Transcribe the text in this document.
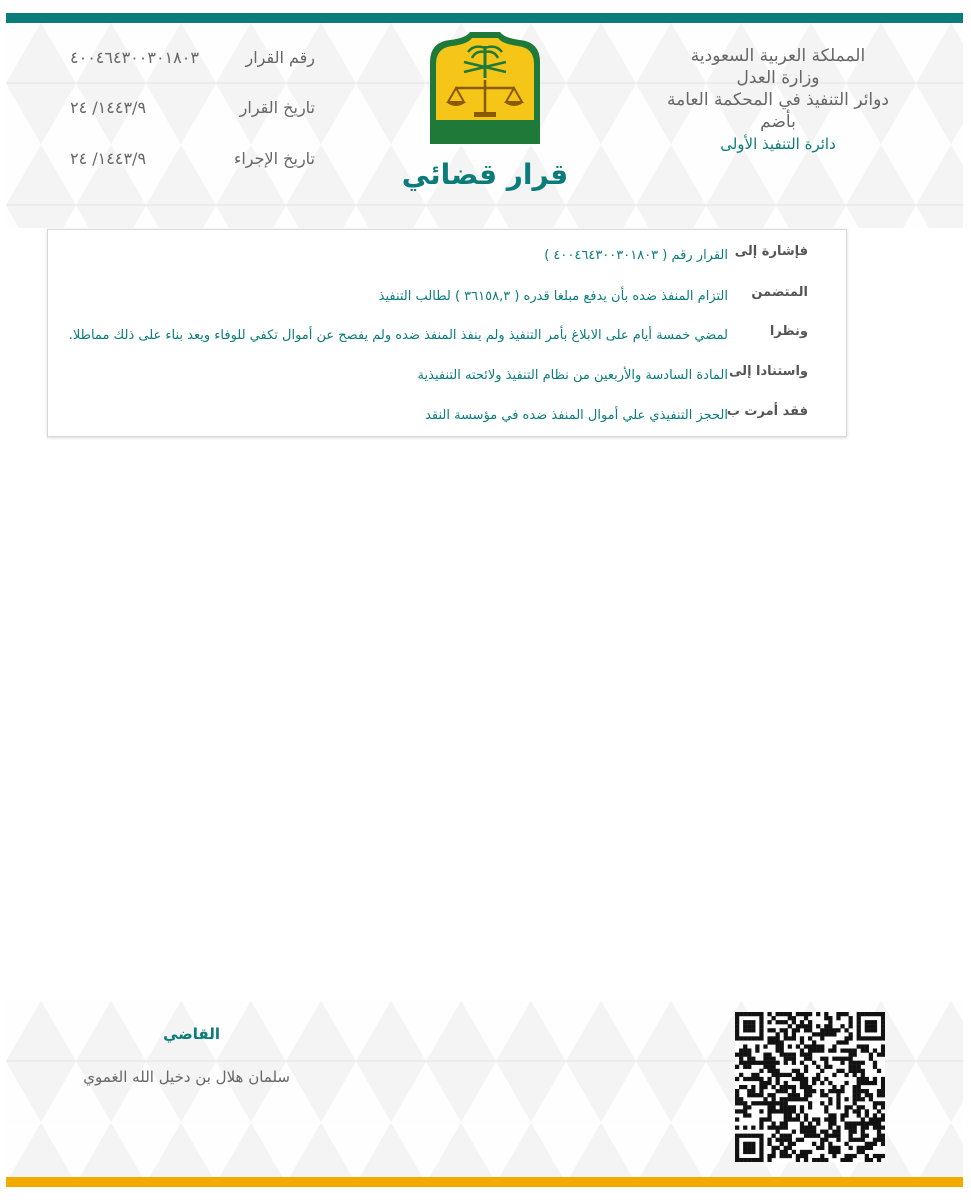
المملكة العربية السعودية
وزارة العدل
دوائر التنفيذ في المحكمة العامة بأضم
دائرة التنفيذ الأولى
قرار قضائي
رقم القرار
٤٠٠٤٦٤٣٠٠٣٠١٨٠٣
تاريخ القرار
١٤٤٣/٩/ ٢٤
تاريخ الإجراء
١٤٤٣/٩/ ٢٤
فإشارة إلى
القرار رقم ( ٤٠٠٤٦٤٣٠٠٣٠١٨٠٣ )
المتضمن
التزام المنفذ ضده بأن يدفع مبلغا قدره ( ٣٦١٥٨,٣ ) لطالب التنفيذ
ونظرا
لمضي خمسة أيام على الابلاغ بأمر التنفيذ ولم ينفذ المنفذ ضده ولم يفصح عن أموال تكفي للوفاء ويعد بناء على ذلك مماطلا.
واستنادا إلى
المادة السادسة والأربعين من نظام التنفيذ ولائحته التنفيذية
فقد أمرت ب
الحجز التنفيذي علي أموال المنفذ ضده في مؤسسة النقد
القاضي
سلمان هلال بن دخيل الله الغموي
